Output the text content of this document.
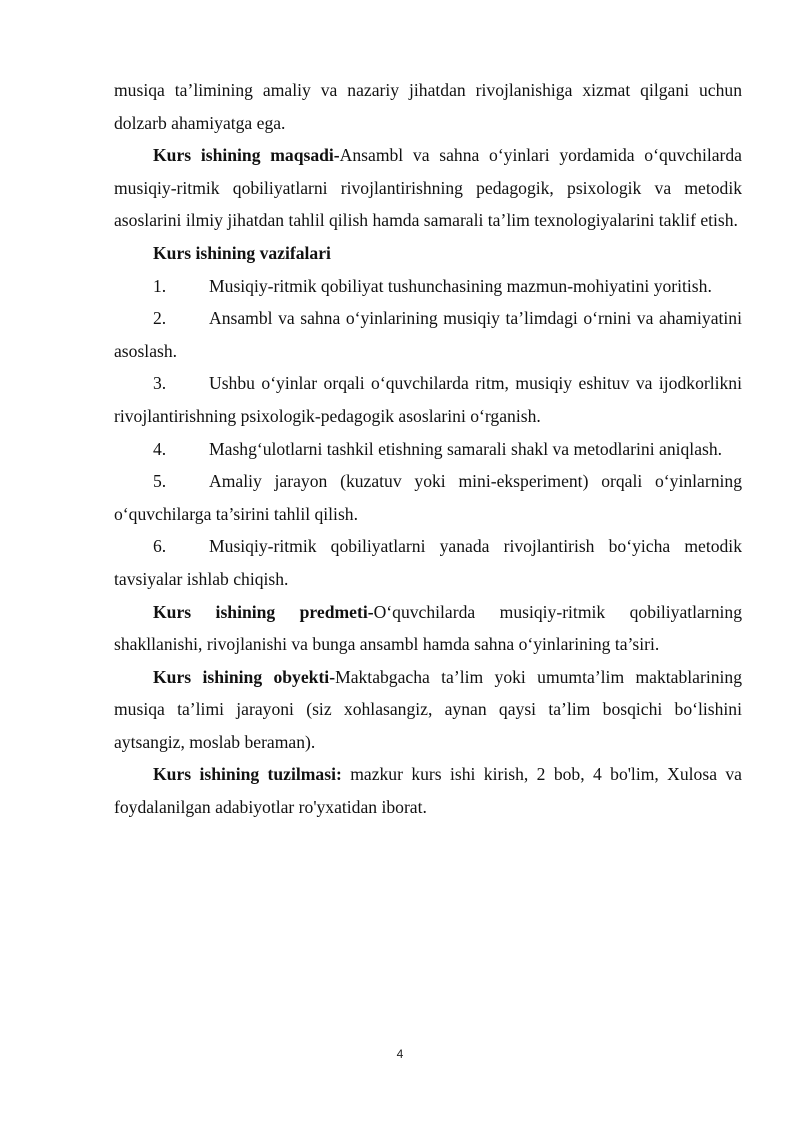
musiqa ta’limining amaliy va nazariy jihatdan rivojlanishiga xizmat qilgani uchun dolzarb ahamiyatga ega.

Kurs ishining maqsadi-Ansambl va sahna o‘yinlari yordamida o‘quvchilarda musiqiy-ritmik qobiliyatlarni rivojlantirishning pedagogik, psixologik va metodik asoslarini ilmiy jihatdan tahlil qilish hamda samarali ta’lim texnologiyalarini taklif etish.

Kurs ishining vazifalari

1. Musiqiy-ritmik qobiliyat tushunchasining mazmun-mohiyatini yoritish.

2. Ansambl va sahna o‘yinlarining musiqiy ta’limdagi o‘rnini va ahamiyatini asoslash.

3. Ushbu o‘yinlar orqali o‘quvchilarda ritm, musiqiy eshituv va ijodkorlikni rivojlantirishning psixologik-pedagogik asoslarini o‘rganish.

4. Mashg‘ulotlarni tashkil etishning samarali shakl va metodlarini aniqlash.

5. Amaliy jarayon (kuzatuv yoki mini-eksperiment) orqali o‘yinlarning o‘quvchilarga ta’sirini tahlil qilish.

6. Musiqiy-ritmik qobiliyatlarni yanada rivojlantirish bo‘yicha metodik tavsiyalar ishlab chiqish.

Kurs ishining predmeti-O‘quvchilarda musiqiy-ritmik qobiliyatlarning shakllanishi, rivojlanishi va bunga ansambl hamda sahna o‘yinlarining ta’siri.

Kurs ishining obyekti-Maktabgacha ta’lim yoki umumta’lim maktablarining musiqa ta’limi jarayoni (siz xohlasangiz, aynan qaysi ta’lim bosqichi bo‘lishini aytsangiz, moslab beraman).

Kurs ishining tuzilmasi: mazkur kurs ishi kirish, 2 bob, 4 bo'lim, Xulosa va foydalanilgan adabiyotlar ro'yxatidan iborat.

4
